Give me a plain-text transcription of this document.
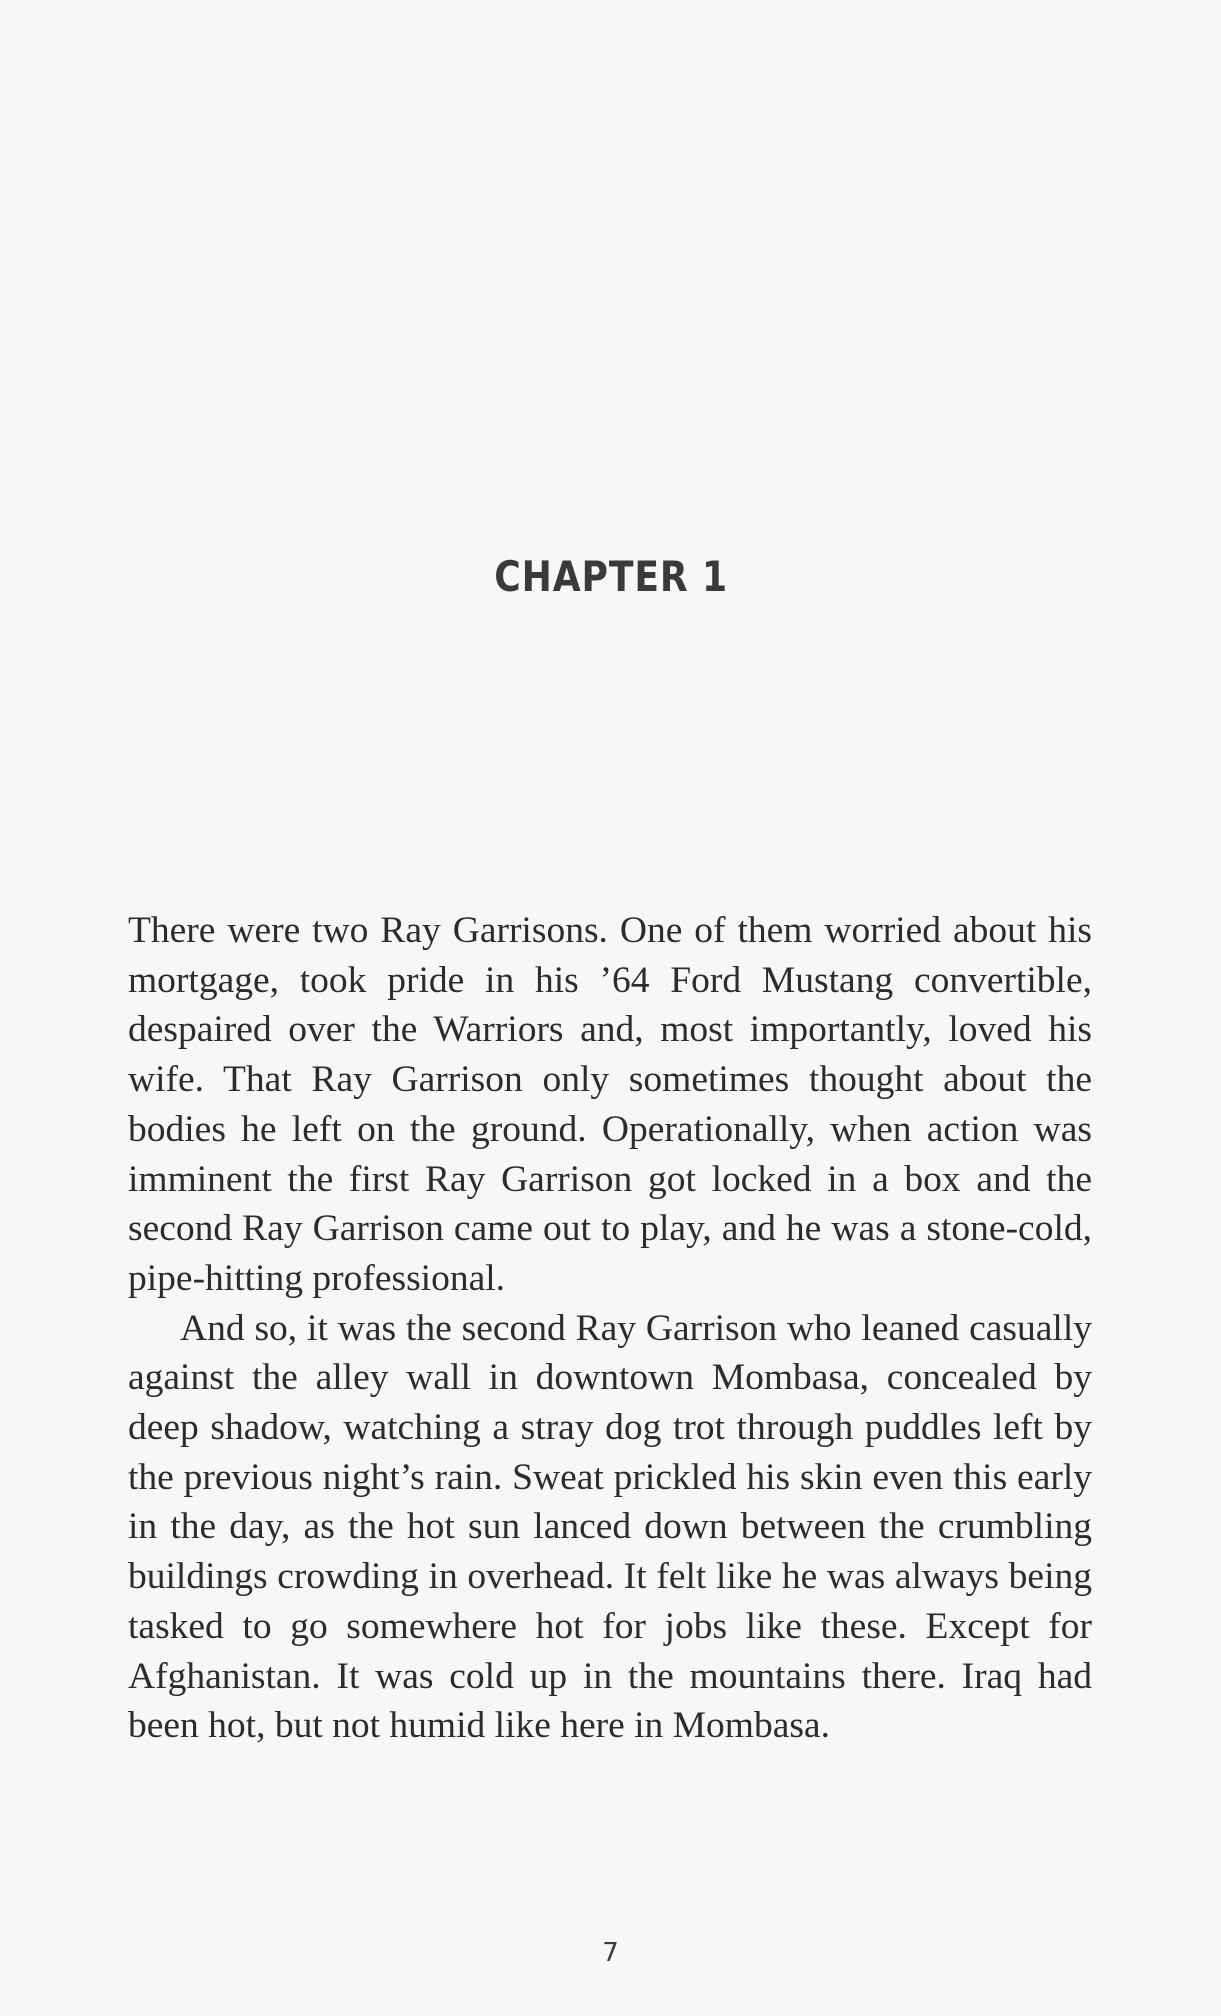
CHAPTER 1

There were two Ray Garrisons. One of them worried about his mortgage, took pride in his ’64 Ford Mustang convertible, despaired over the Warriors and, most importantly, loved his wife. That Ray Garrison only sometimes thought about the bodies he left on the ground. Operationally, when action was imminent the first Ray Garrison got locked in a box and the second Ray Garrison came out to play, and he was a stone-cold, pipe-hitting professional.

And so, it was the second Ray Garrison who leaned casually against the alley wall in downtown Mombasa, concealed by deep shadow, watching a stray dog trot through puddles left by the previous night’s rain. Sweat prickled his skin even this early in the day, as the hot sun lanced down between the crumbling buildings crowding in overhead. It felt like he was always being tasked to go somewhere hot for jobs like these. Except for Afghanistan. It was cold up in the mountains there. Iraq had been hot, but not humid like here in Mombasa.

7
